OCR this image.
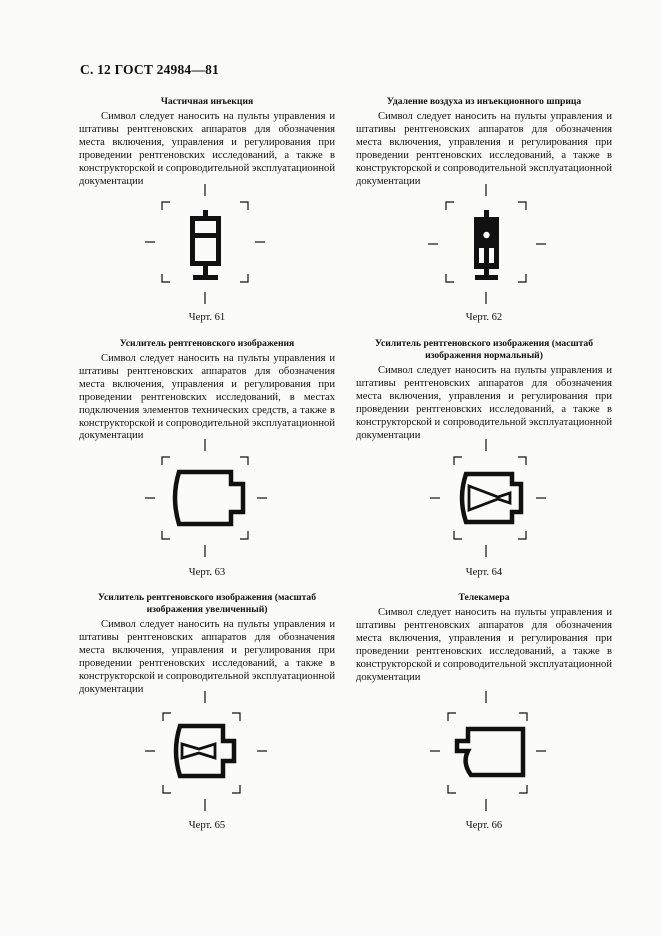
С. 12 ГОСТ 24984—81
Частичная инъекция
Символ следует наносить на пульты управления и штативы рентгеновских аппаратов для обозначения места включения, управления и регулирования при проведении рентгеновских исследований, а также в конструкторской и сопроводительной эксплуатационной документации
Черт. 61
Удаление воздуха из инъекционного шприца
Символ следует наносить на пульты управления и штативы рентгеновских аппаратов для обозначения места включения, управления и регулирования при проведении рентгеновских исследований, а также в конструкторской и сопроводительной эксплуатационной документации
Черт. 62
Усилитель рентгеновского изображения
Символ следует наносить на пульты управления и штативы рентгеновских аппаратов для обозначения места включения, управления и регулирования при проведении рентгеновских исследований, в местах подключения элементов технических средств, а также в конструкторской и сопроводительной эксплуатационной документации
Черт. 63
Усилитель рентгеновского изображения (масштаб изображения нормальный)
Символ следует наносить на пульты управления и штативы рентгеновских аппаратов для обозначения места включения, управления и регулирования при проведении рентгеновских исследований, а также в конструкторской и сопроводительной эксплуатационной документации
Черт. 64
Усилитель рентгеновского изображения (масштаб изображения увеличенный)
Символ следует наносить на пульты управления и штативы рентгеновских аппаратов для обозначения места включения, управления и регулирования при проведении рентгеновских исследований, а также в конструкторской и сопроводительной эксплуатационной документации
Черт. 65
Телекамера
Символ следует наносить на пульты управления и штативы рентгеновских аппаратов для обозначения места включения, управления и регулирования при проведении рентгеновских исследований, а также в конструкторской и сопроводительной эксплуатационной документации
Черт. 66
